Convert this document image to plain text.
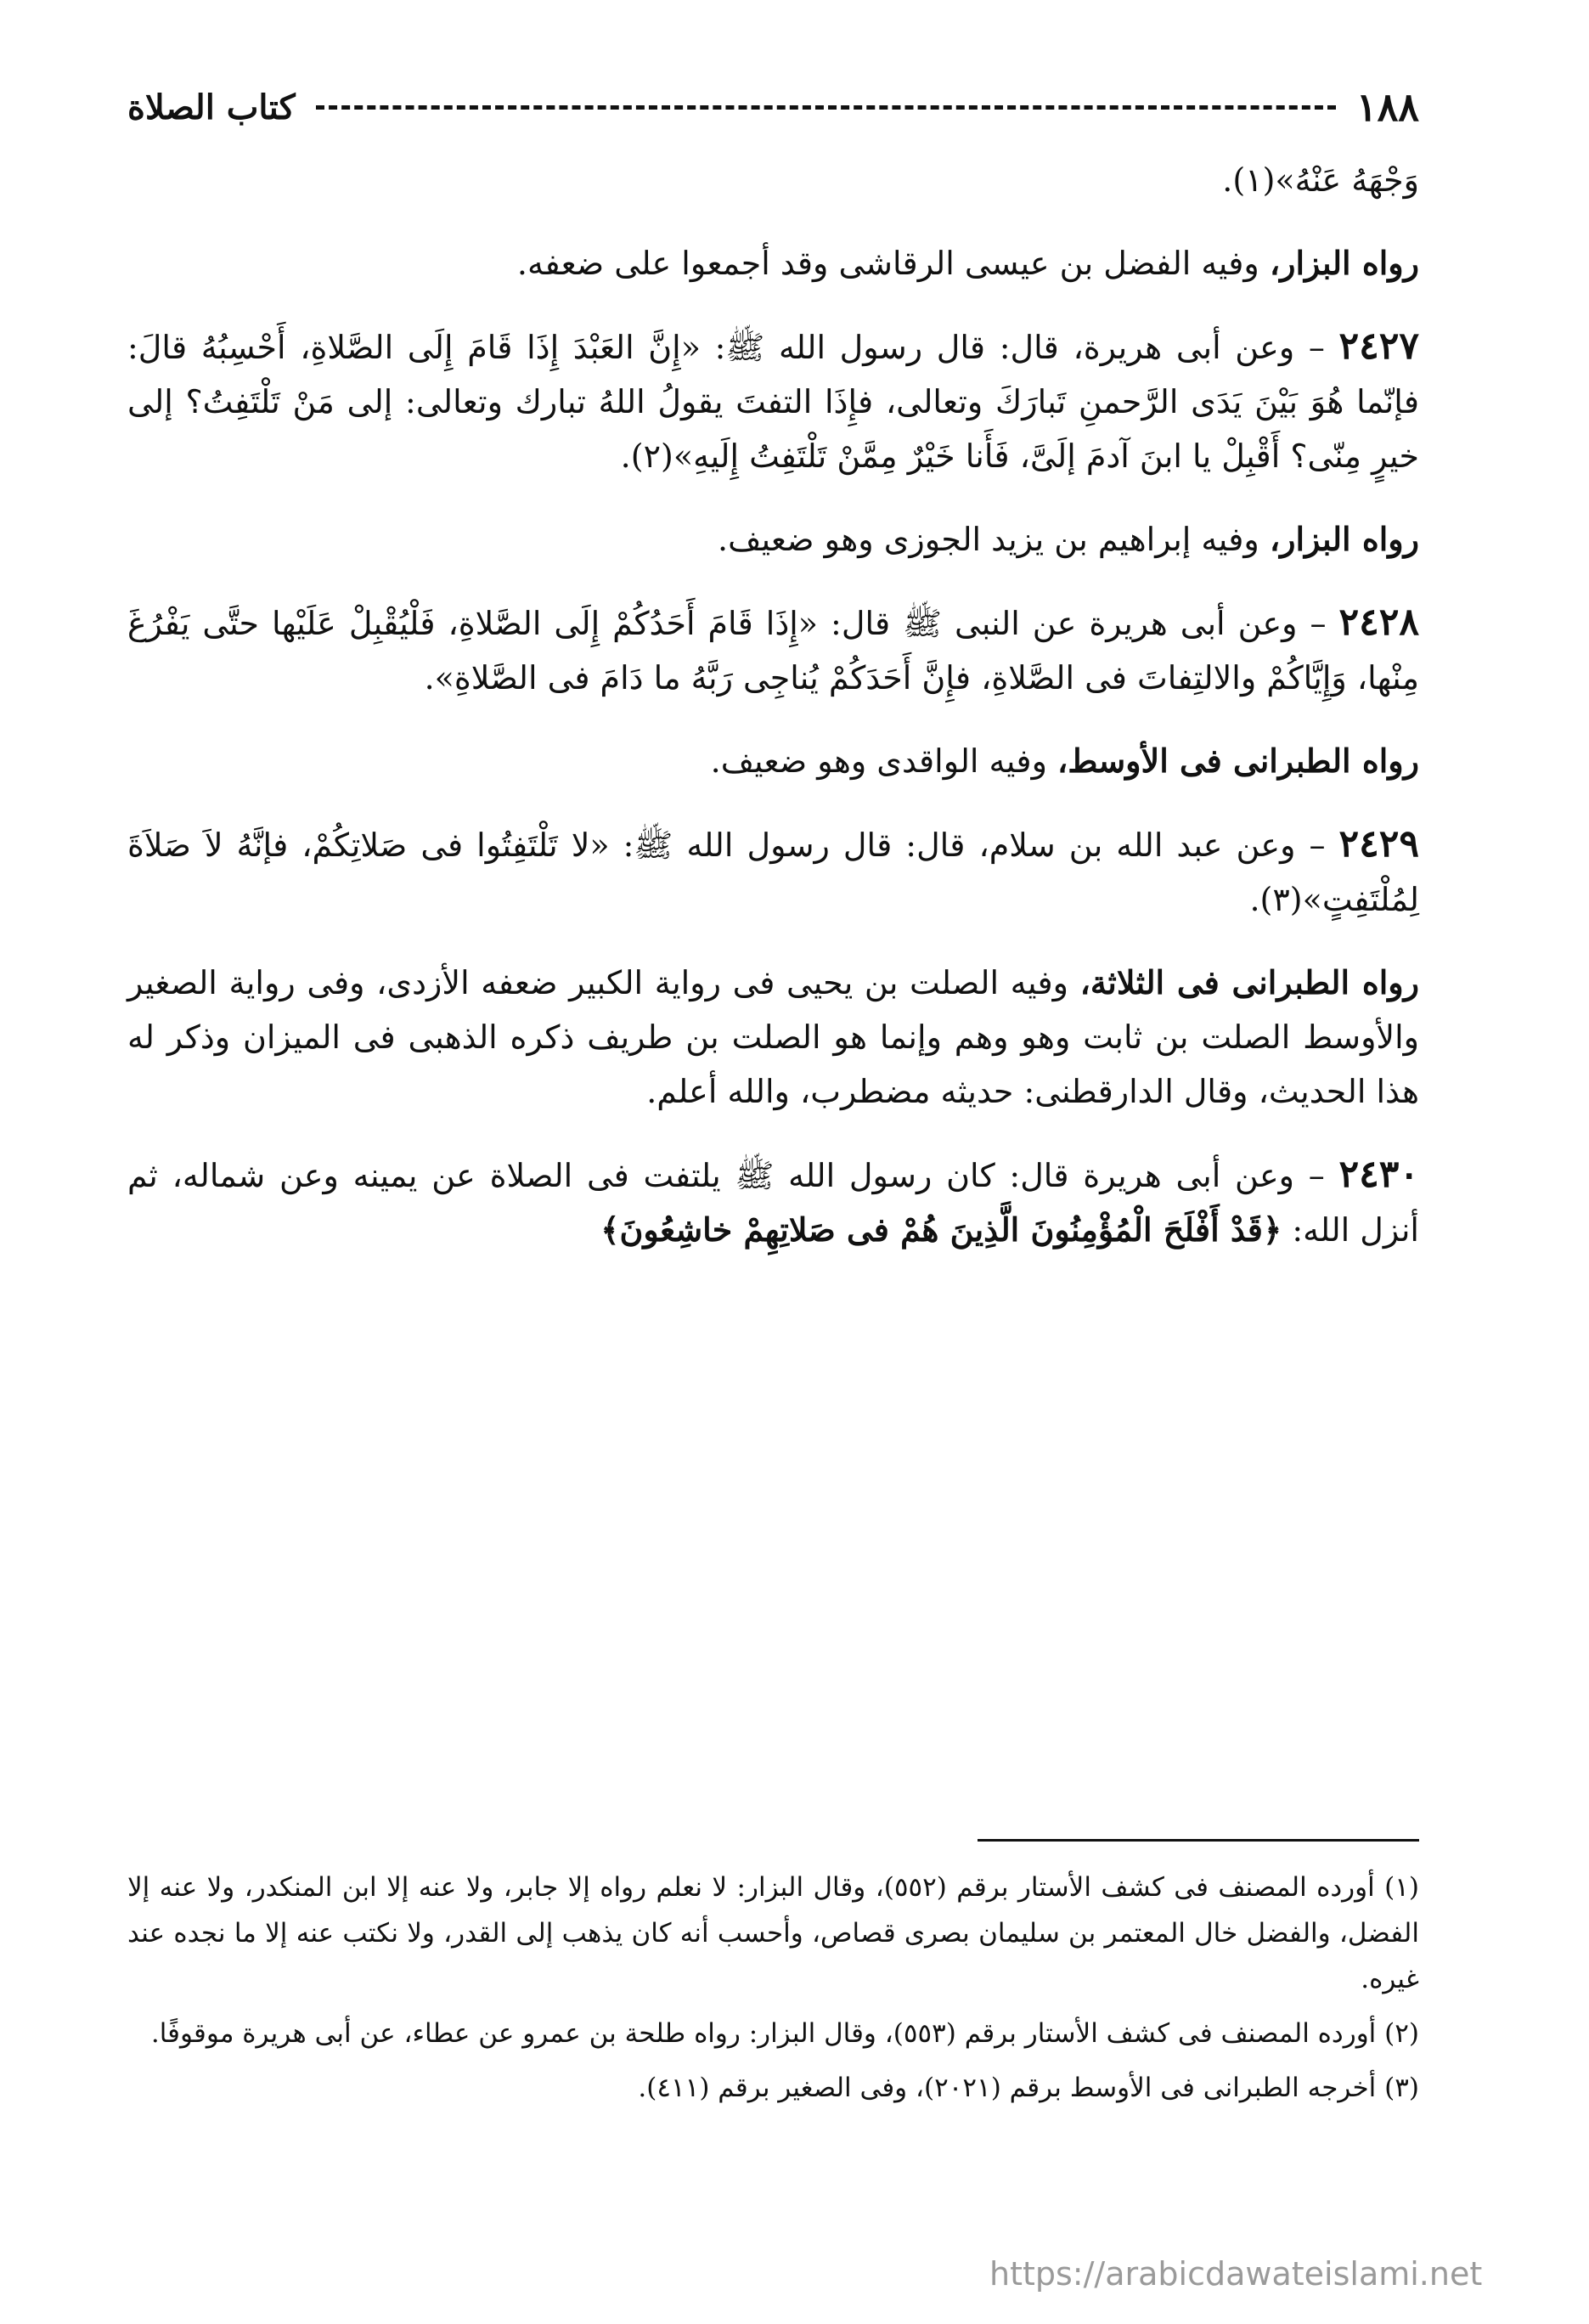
١٨٨
كتاب الصلاة

وَجْهَهُ عَنْهُ»(١).

رواه البزار، وفيه الفضل بن عيسى الرقاشى وقد أجمعوا على ضعفه.

٢٤٢٧ – وعن أبى هريرة، قال: قال رسول الله ﷺ: «إِنَّ العَبْدَ إِذَا قَامَ إِلَى الصَّلاةِ، أَحْسِبُهُ قالَ: فإنّما هُوَ بَيْنَ يَدَى الرَّحمنِ تَبارَكَ وتعالى، فإِذَا التفتَ يقولُ اللهُ تبارك وتعالى: إلى مَنْ تَلْتَفِتُ؟ إلى خيرٍ مِنّى؟ أَقْبِلْ يا ابنَ آدمَ إلَىَّ، فَأَنا خَيْرٌ مِمَّنْ تَلْتَفِتُ إِلَيهِ»(٢).

رواه البزار، وفيه إبراهيم بن يزيد الجوزى وهو ضعيف.

٢٤٢٨ – وعن أبى هريرة عن النبى ﷺ قال: «إِذَا قَامَ أَحَدُكُمْ إِلَى الصَّلاةِ، فَلْيُقْبِلْ عَلَيْها حتَّى يَفْرُغَ مِنْها، وَإِيَّاكُمْ والالتِفاتَ فى الصَّلاةِ، فإِنَّ أَحَدَكُمْ يُناجِى رَبَّهُ ما دَامَ فى الصَّلاةِ».

رواه الطبرانى فى الأوسط، وفيه الواقدى وهو ضعيف.

٢٤٢٩ – وعن عبد الله بن سلام، قال: قال رسول الله ﷺ: «لا تَلْتَفِتُوا فى صَلاتِكُمْ، فإنَّهُ لاَ صَلاَةَ لِمُلْتَفِتٍ»(٣).

رواه الطبرانى فى الثلاثة، وفيه الصلت بن يحيى فى رواية الكبير ضعفه الأزدى، وفى رواية الصغير والأوسط الصلت بن ثابت وهو وهم وإنما هو الصلت بن طريف ذكره الذهبى فى الميزان وذكر له هذا الحديث، وقال الدارقطنى: حديثه مضطرب، والله أعلم.

٢٤٣٠ – وعن أبى هريرة قال: كان رسول الله ﷺ يلتفت فى الصلاة عن يمينه وعن شماله، ثم أنزل الله: ﴿قَدْ أَفْلَحَ الْمُؤْمِنُونَ الَّذِينَ هُمْ فى صَلاتِهِمْ خاشِعُونَ﴾

(١) أورده المصنف فى كشف الأستار برقم (٥٥٢)، وقال البزار: لا نعلم رواه إلا جابر، ولا عنه إلا ابن المنكدر، ولا عنه إلا الفضل، والفضل خال المعتمر بن سليمان بصرى قصاص، وأحسب أنه كان يذهب إلى القدر، ولا نكتب عنه إلا ما نجده عند غيره.

(٢) أورده المصنف فى كشف الأستار برقم (٥٥٣)، وقال البزار: رواه طلحة بن عمرو عن عطاء، عن أبى هريرة موقوفًا.

(٣) أخرجه الطبرانى فى الأوسط برقم (٢٠٢١)، وفى الصغير برقم (٤١١).

https://arabicdawateislami.net
